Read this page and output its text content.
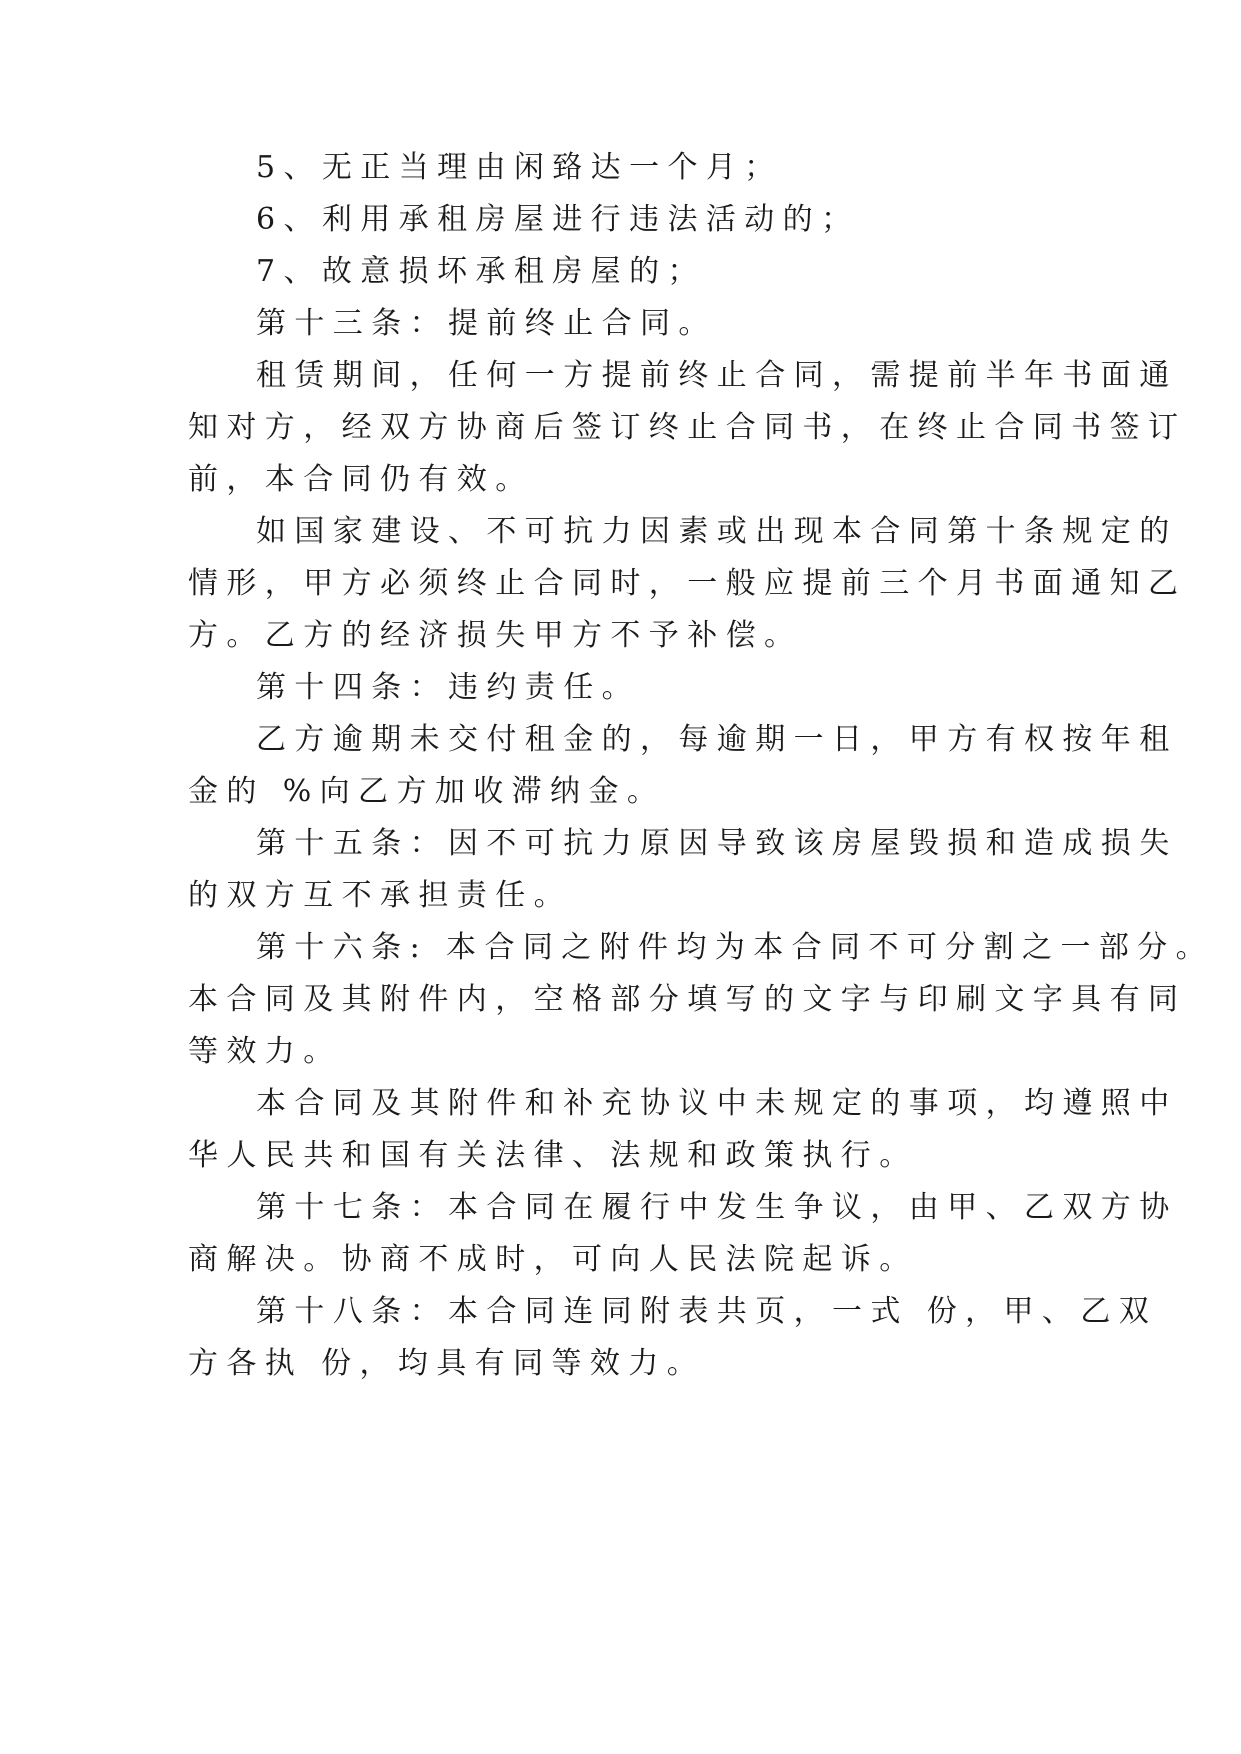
5、无正当理由闲臵达一个月；
6、利用承租房屋进行违法活动的；
7、故意损坏承租房屋的；
第十三条：提前终止合同。
租赁期间，任何一方提前终止合同，需提前半年书面通
知对方，经双方协商后签订终止合同书，在终止合同书签订
前，本合同仍有效。
如国家建设、不可抗力因素或出现本合同第十条规定的
情形，甲方必须终止合同时，一般应提前三个月书面通知乙
方。乙方的经济损失甲方不予补偿。
第十四条：违约责任。
乙方逾期未交付租金的，每逾期一日，甲方有权按年租
金的 %向乙方加收滞纳金。
第十五条：因不可抗力原因导致该房屋毁损和造成损失
的双方互不承担责任。
第十六条: 本合同之附件均为本合同不可分割之一部分。
本合同及其附件内，空格部分填写的文字与印刷文字具有同
等效力。
本合同及其附件和补充协议中未规定的事项，均遵照中
华人民共和国有关法律、法规和政策执行。
第十七条：本合同在履行中发生争议，由甲、乙双方协
商解决。协商不成时，可向人民法院起诉。
第十八条：本合同连同附表共页，一式 份，甲、乙双
方各执 份，均具有同等效力。
